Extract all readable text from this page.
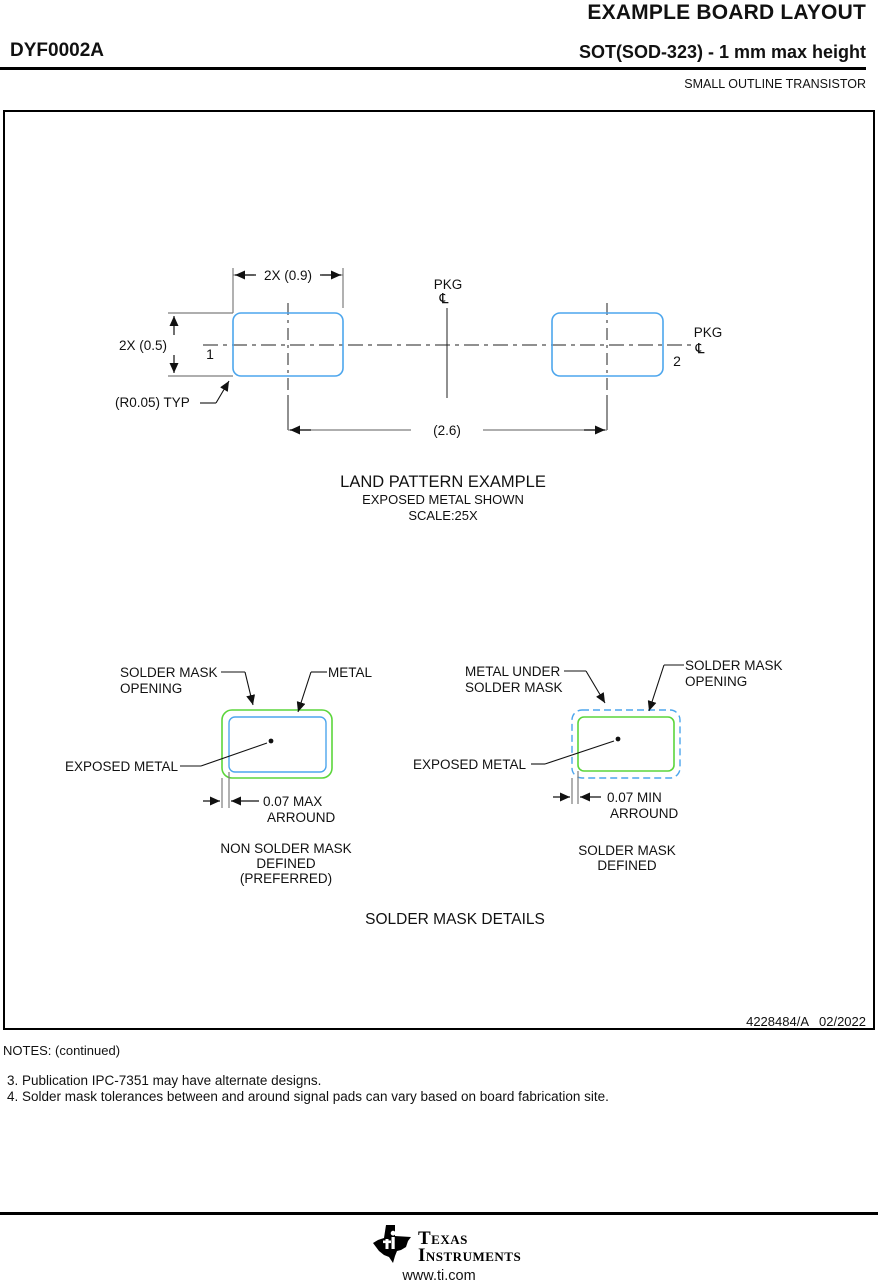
EXAMPLE BOARD LAYOUT
DYF0002A	SOT(SOD-323) - 1 mm max height
SMALL OUTLINE TRANSISTOR
PKG
℄
PKG
℄
1	2
2X (0.9)
2X (0.5)
(R0.05) TYP
(2.6)
LAND PATTERN EXAMPLE
EXPOSED METAL SHOWN
SCALE:25X
SOLDER MASK
OPENING
METAL
EXPOSED METAL
0.07 MAX
ARROUND
NON SOLDER MASK
DEFINED
(PREFERRED)
METAL UNDER
SOLDER MASK
SOLDER MASK
OPENING
EXPOSED METAL
0.07 MIN
ARROUND
SOLDER MASK
DEFINED
SOLDER MASK DETAILS
4228484/A 02/2022
NOTES: (continued)
3. Publication IPC-7351 may have alternate designs.
4. Solder mask tolerances between and around signal pads can vary based on board fabrication site.
Texas
Instruments
www.ti.com
